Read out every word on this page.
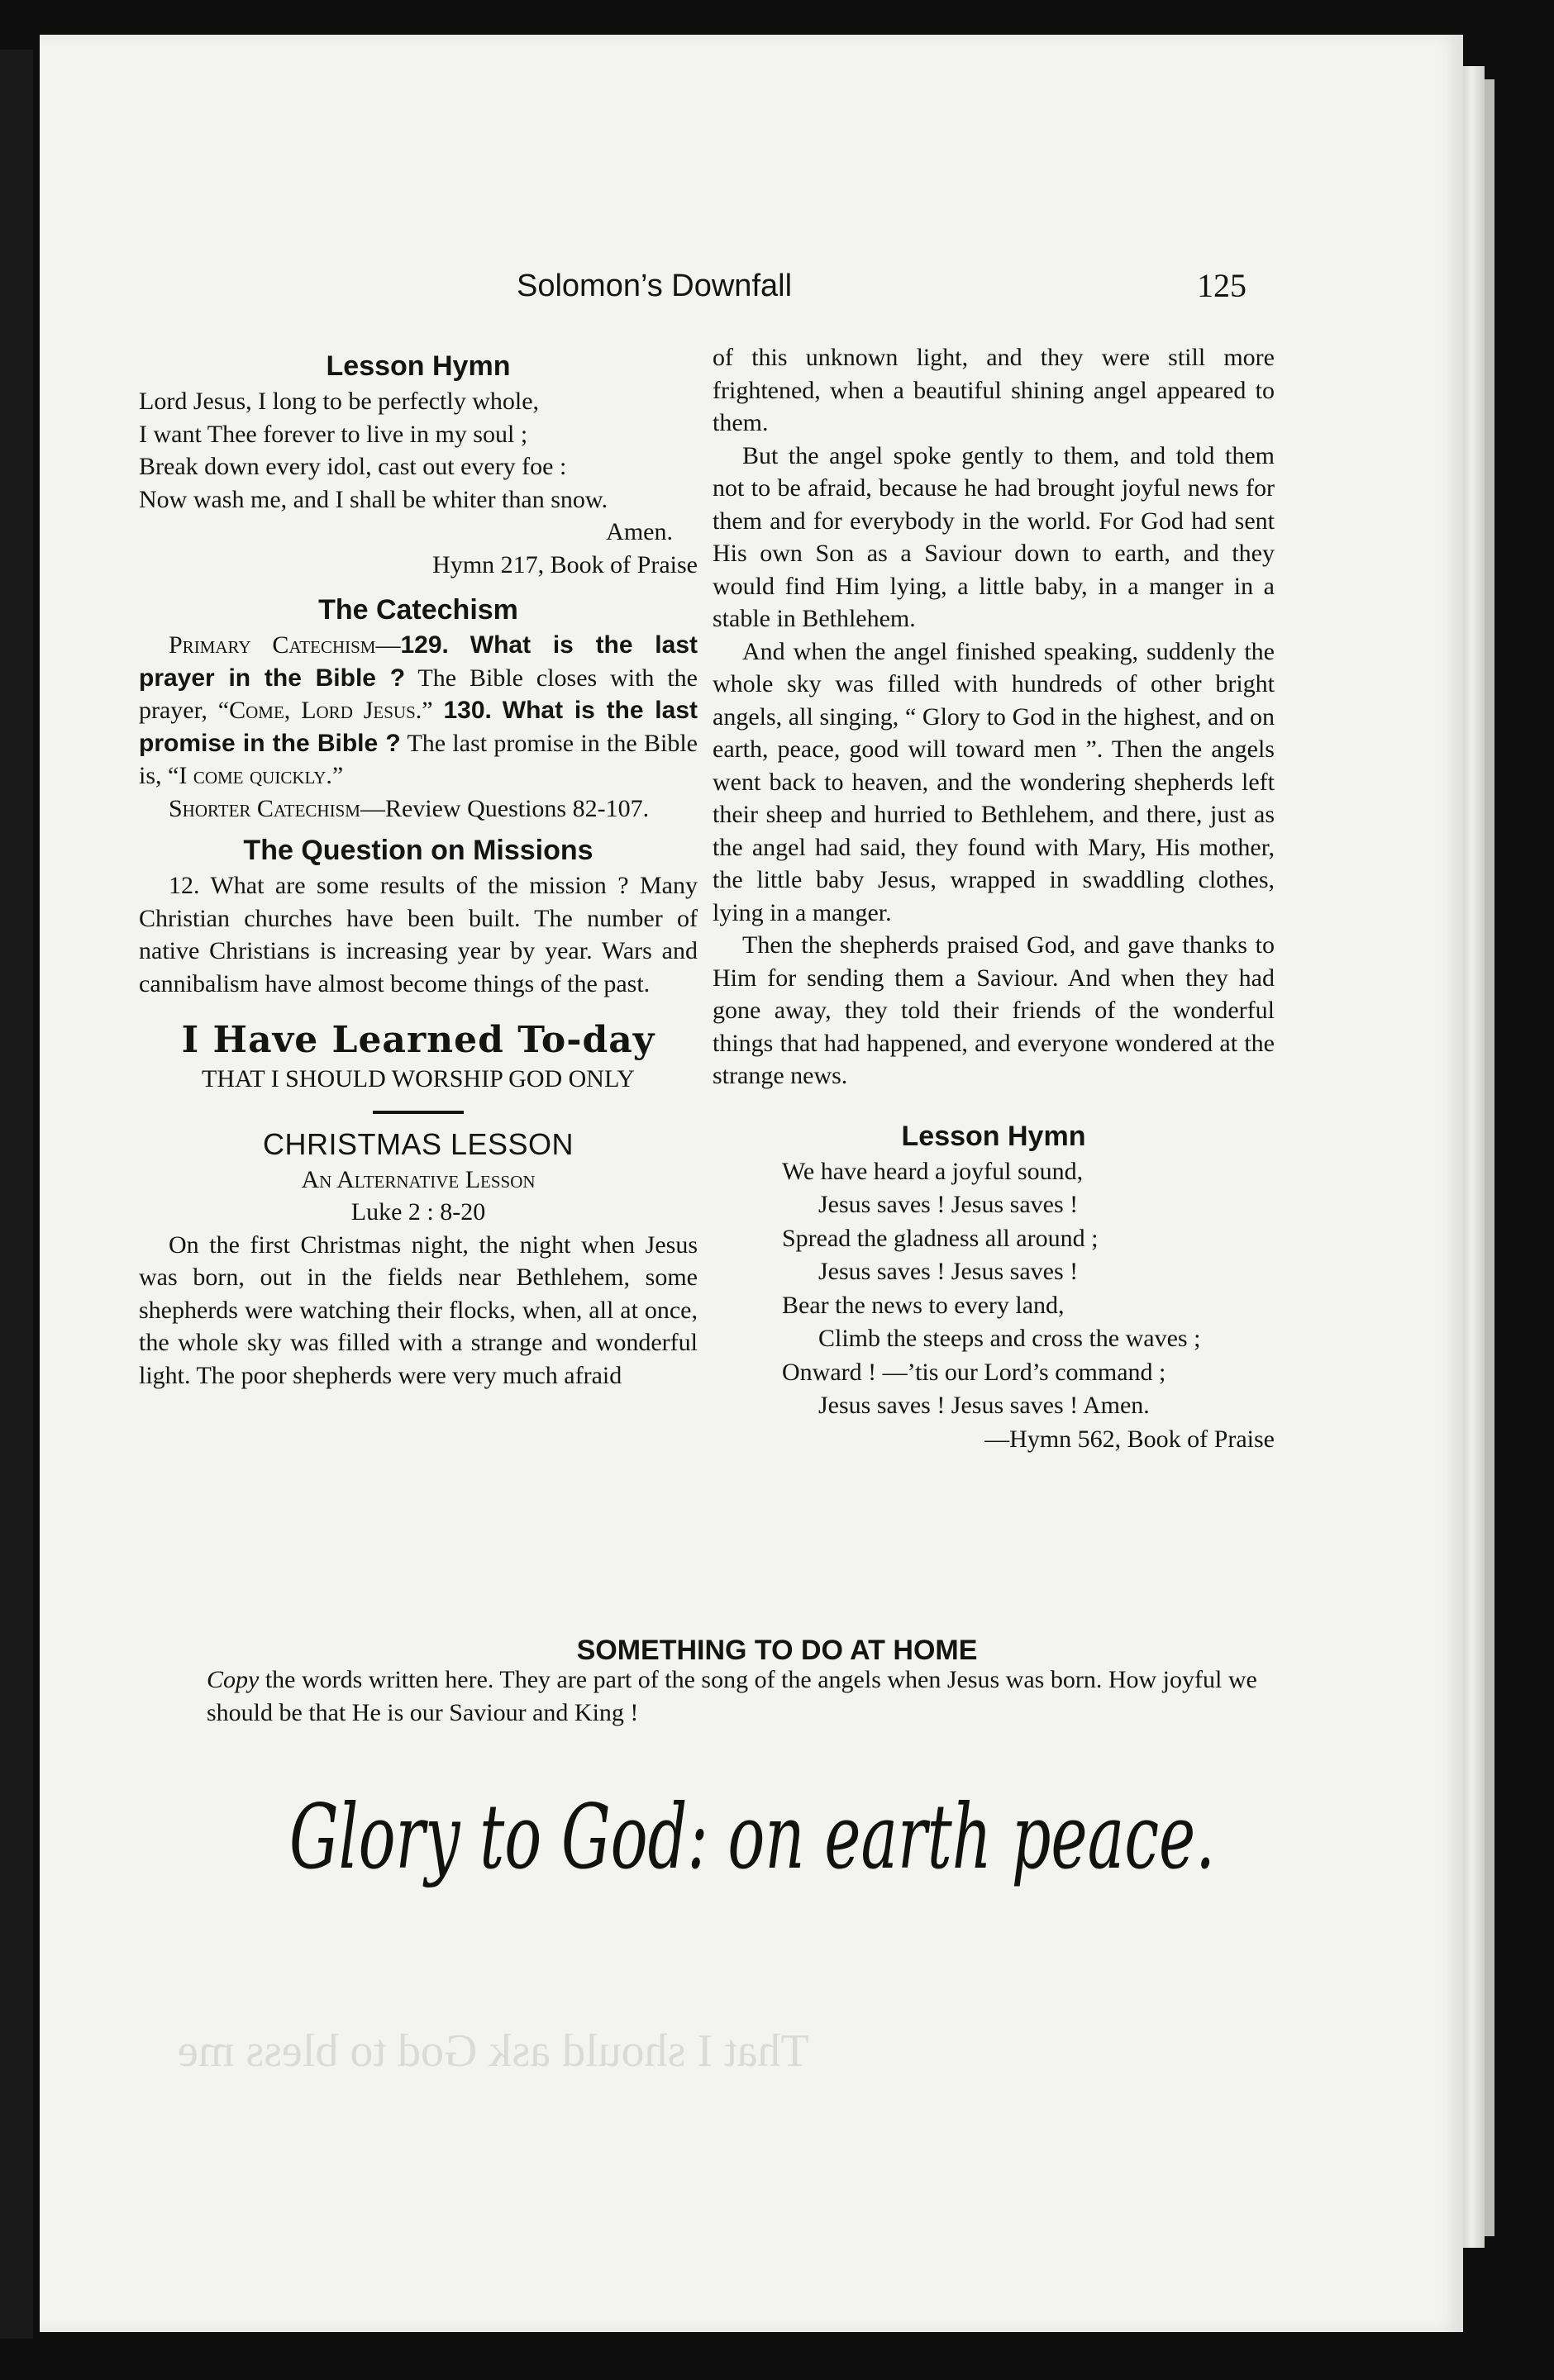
Solomon’s Downfall	125
Lesson Hymn
Lord Jesus, I long to be perfectly whole,
I want Thee forever to live in my soul ;
Break down every idol, cast out every foe :
Now wash me, and I shall be whiter than snow.
Amen.
Hymn 217, Book of Praise
The Catechism

Primary Catechism—129. What is the last prayer in the Bible ? The Bible closes with the prayer, “Come, Lord Jesus.” 130. What is the last promise in the Bible ? The last promise in the Bible is, “I come quickly.”

Shorter Catechism—Review Questions 82-107.

The Question on Missions

12. What are some results of the mission ? Many Christian churches have been built. The number of native Christians is increasing year by year. Wars and cannibalism have almost become things of the past.

I Have Learned To-day
THAT I SHOULD WORSHIP GOD ONLY
CHRISTMAS LESSON
An Alternative Lesson
Luke 2 : 8-20

On the first Christmas night, the night when Jesus was born, out in the fields near Bethlehem, some shepherds were watching their flocks, when, all at once, the whole sky was filled with a strange and wonderful light. The poor shepherds were very much afraid

of this unknown light, and they were still more frightened, when a beautiful shining angel appeared to them.

But the angel spoke gently to them, and told them not to be afraid, because he had brought joyful news for them and for everybody in the world. For God had sent His own Son as a Saviour down to earth, and they would find Him lying, a little baby, in a manger in a stable in Bethlehem.

And when the angel finished speaking, suddenly the whole sky was filled with hundreds of other bright angels, all singing, “ Glory to God in the highest, and on earth, peace, good will toward men ”. Then the angels went back to heaven, and the wondering shepherds left their sheep and hurried to Bethlehem, and there, just as the angel had said, they found with Mary, His mother, the little baby Jesus, wrapped in swaddling clothes, lying in a manger.

Then the shepherds praised God, and gave thanks to Him for sending them a Saviour. And when they had gone away, they told their friends of the wonderful things that had happened, and everyone wondered at the strange news.

Lesson Hymn
We have heard a joyful sound,
Jesus saves ! Jesus saves !
Spread the gladness all around ;
Jesus saves ! Jesus saves !
Bear the news to every land,
Climb the steeps and cross the waves ;
Onward ! —’tis our Lord’s command ;
Jesus saves ! Jesus saves ! Amen.
—Hymn 562, Book of Praise
SOMETHING TO DO AT HOME
Copy the words written here. They are part of the song of the angels when Jesus was born. How joyful we should be that He is our Saviour and King !
Glory to God: on earth peace.
That I should ask God to bless me
